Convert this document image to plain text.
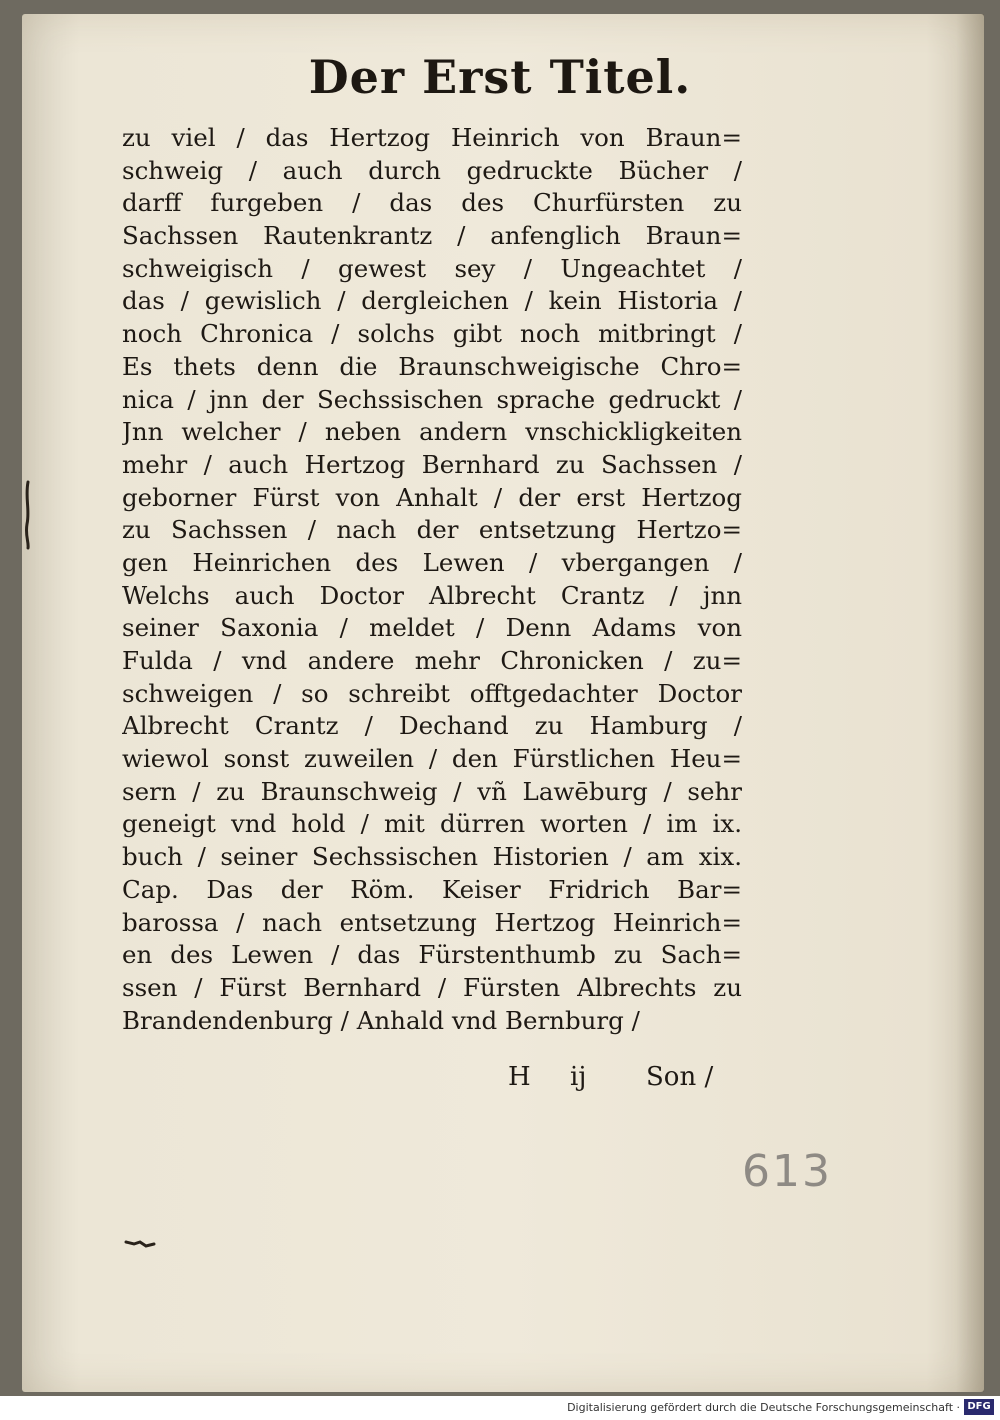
Der Erst Titel.
zu viel / das Hertzog Heinrich von Braun=
schweig / auch durch gedruckte Bücher /
darff furgeben / das des Churfürsten zu
Sachssen Rautenkrantz / anfenglich Braun=
schweigisch / gewest sey / Ungeachtet /
das / gewislich / dergleichen / kein Historia /
noch Chronica / solchs gibt noch mitbringt /
Es thets denn die Braunschweigische Chro=
nica / jnn der Sechssischen sprache gedruckt /
Jnn welcher / neben andern vnschickligkeiten
mehr / auch Hertzog Bernhard zu Sachssen /
geborner Fürst von Anhalt / der erst Hertzog
zu Sachssen / nach der entsetzung Hertzo=
gen Heinrichen des Lewen / vbergangen /
Welchs auch Doctor Albrecht Crantz / jnn
seiner Saxonia / meldet / Denn Adams von
Fulda / vnd andere mehr Chronicken / zu=
schweigen / so schreibt offtgedachter Doctor
Albrecht Crantz / Dechand zu Hamburg /
wiewol sonst zuweilen / den Fürstlichen Heu=
sern / zu Braunschweig / vñ Lawēburg / sehr
geneigt vnd hold / mit dürren worten / im ix.
buch / seiner Sechssischen Historien / am xix.
Cap. Das der Röm. Keiser Fridrich Bar=
barossa / nach entsetzung Hertzog Heinrich=
en des Lewen / das Fürstenthumb zu Sach=
ssen / Fürst Bernhard / Fürsten Albrechts zu
Brandendenburg / Anhald vnd Bernburg /
H ij Son /
613
Digitalisierung gefördert durch die Deutsche Forschungsgemeinschaft · DFG
